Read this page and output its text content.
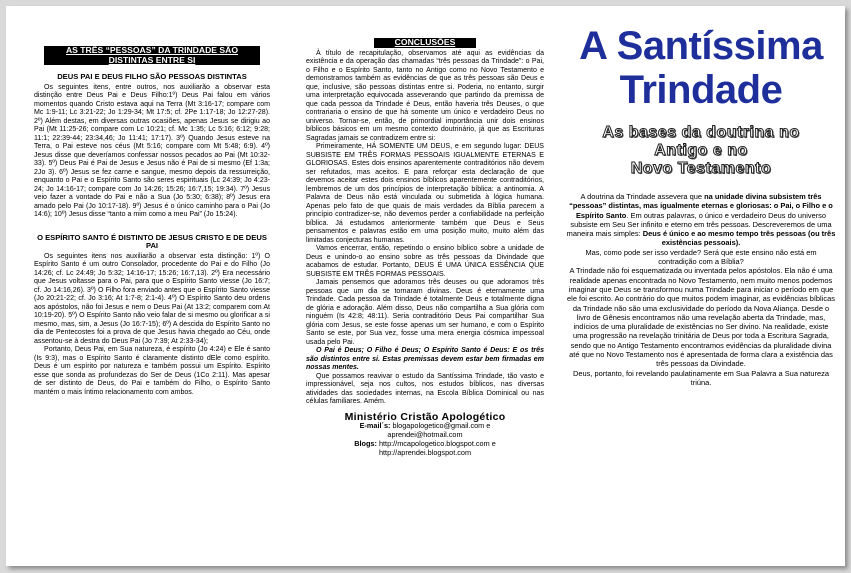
AS TRÊS “PESSOAS” DA TRINDADE SÃO DISTINTAS ENTRE SI
DEUS PAI E DEUS FILHO SÃO PESSOAS DISTINTAS

Os seguintes itens, entre outros, nos auxiliarão a observar esta distinção entre Deus Pai e Deus Filho:1º) Deus Pai falou em vários momentos quando Cristo estava aqui na Terra (Mt 3:16-17; compare com Mc 1:9-11; Lc 3:21-22; Jo 1:29-34; Mt 17:5; cf. 2Pe 1:17-18; Jo 12:27-28). 2º) Além destas, em diversas outras ocasiões, apenas Jesus se dirigiu ao Pai (Mt 11:25-26; compare com Lc 10:21; cf. Mc 1:35; Lc 5:16; 6:12; 9:28; 11:1; 22:39-44; 23:34,46; Jo 11:41; 17:17). 3º) Quando Jesus esteve na Terra, o Pai esteve nos céus (Mt 5:16; compare com Mt 5:48; 6:9). 4º) Jesus disse que deveríamos confessar nossos pecados ao Pai (Mt 10:32-33). 5º) Deus Pai é Pai de Jesus e Jesus não é Pai de si mesmo (Ef 1:3a; 2Jo 3). 6º) Jesus se fez carne e sangue, mesmo depois da ressurreição, enquanto o Pai e o Espírito Santo são seres espirituais (Lc 24:39; Jo 4:23-24; Jo 14:16-17; compare com Jo 14:26; 15:26; 16:7,15; 19:34). 7º) Jesus veio fazer a vontade do Pai e não a Sua (Jo 5:30; 6:38); 8º) Jesus era amado pelo Pai (Jo 10:17-18). 9º) Jesus é o único caminho para o Pai (Jo 14:6); 10º) Jesus disse “tanto a mim como a meu Pai” (Jo 15:24).

O ESPÍRITO SANTO É DISTINTO DE JESUS CRISTO E DE DEUS PAI

Os seguintes itens nos auxiliarão a observar esta distinção: 1º) O Espírito Santo é um outro Consolador, procedente do Pai e do Filho (Jo 14:26; cf. Lc 24:49; Jo 5:32; 14:16-17; 15:26; 16:7,13). 2º) Era necessário que Jesus voltasse para o Pai, para que o Espírito Santo viesse (Jo 16:7; cf. Jo 14:16,26). 3º) O Filho fora enviado antes que o Espírito Santo viesse (Jo 20:21-22; cf. Jo 3:16; At 1:7-8; 2:1-4). 4º) O Espírito Santo deu ordens aos apóstolos, não foi Jesus e nem o Deus Pai (At 13:2; comparem com At 10:19-20). 5º) O Espírito Santo não veio falar de si mesmo ou glorificar a si mesmo, mas, sim, a Jesus (Jo 16:7-15); 6º) A descida do Espírito Santo no dia de Pentecostes foi a prova de que Jesus havia chegado ao Céu, onde assentou-se à destra do Deus Pai (Jo 7:39; At 2:33-34);

Portanto, Deus Pai, em Sua natureza, é espírito (Jo 4:24) e Ele é santo (Is 9:3), mas o Espírito Santo é claramente distinto dEle como espírito. Deus é um espírito por natureza e também possui um Espírito. Espírito esse que sonda as profundezas do Ser de Deus (1Co 2:11). Mas apesar de ser distinto de Deus, do Pai e também do Filho, o Espírito Santo mantém o mais íntimo relacionamento com ambos.

CONCLUSÕES

À título de recapitulação, observamos até aqui as evidências da existência e da operação das chamadas “três pessoas da Trindade”: o Pai, o Filho e o Espírito Santo, tanto no Antigo como no Novo Testamento e demonstramos também as evidências de que as três pessoas são Deus e que, inclusive, são pessoas distintas entre si. Poderia, no entanto, surgir uma interpretação equivocada asseverando que partindo da premissa de que cada pessoa da Trindade é Deus, então haveria três Deuses, o que contrariaria o ensino de que há somente um único e verdadeiro Deus no universo. Tornar-se, então, de primordial importância unir dois ensinos bíblicos básicos em um mesmo contexto doutrinário, já que as Escrituras Sagradas jamais se contradizem entre si:

Primeiramente, HÁ SOMENTE UM DEUS, e em segundo lugar: DEUS SUBSISTE EM TRÊS FORMAS PESSOAIS IGUALMENTE ETERNAS E GLORIOSAS. Estes dois ensinos aparentemente contraditórios não devem ser refutados, mas aceitos. E para reforçar esta declaração de que devemos aceitar estes dois ensinos bíblicos aparentemente contraditórios, lembremos de um dos princípios de interpretação bíblica: a antinomia. A Palavra de Deus não está vinculada ou submetida à lógica humana. Apenas pelo fato de que quais de mais verdades da Bíblia parecem a princípio contradizer-se, não devemos perder a confiabilidade na perfeição bíblica. Já estudamos anteriormente também que Deus e Seus pensamentos e palavras estão em uma posição muito, muito além das limitadas conjecturas humanas.

Vamos encerrar, então, repetindo o ensino bíblico sobre a unidade de Deus e unindo-o ao ensino sobre as três pessoas da Divindade que acabamos de estudar. Portanto, DEUS É UMA ÚNICA ESSÊNCIA QUE SUBSISTE EM TRÊS FORMAS PESSOAIS.

Jamais pensemos que adoramos três deuses ou que adoramos três pessoas que um dia se tornaram divinas. Deus é eternamente uma Trindade. Cada pessoa da Trindade é totalmente Deus e totalmente digna de glória e adoração. Além disso, Deus não compartilha a Sua glória com ninguém (Is 42:8; 48:11). Seria contraditório Deus Pai compartilhar Sua glória com Jesus, se este fosse apenas um ser humano, e com o Espírito Santo se este, por Sua vez, fosse uma mera energia cósmica impessoal usada pelo Pai.

O Pai é Deus; O Filho é Deus; O Espírito Santo é Deus: E os três são distintos entre si. Estas premissas devem estar bem firmadas em nossas mentes.

Que possamos reavivar o estudo da Santíssima Trindade, tão vasto e impressionável, seja nos cultos, nos estudos bíblicos, nas diversas atividades das sociedades internas, na Escola Bíblica Dominical ou nas células familiares. Amém.

Ministério Cristão Apologético
E-mail´s: blogapologetico@gmail.com e
aprendei@hotmail.com
Blogs: http://mcapologetico.blogspot.com e
http://aprendei.blogspot.com
A Santíssima
Trindade
As bases da doutrina no
Antigo e no
Novo Testamento

A doutrina da Trindade assevera que na unidade divina subsistem três “pessoas” distintas, mas igualmente eternas e gloriosas: o Pai, o Filho e o Espírito Santo. Em outras palavras, o único e verdadeiro Deus do universo subsiste em Seu Ser infinito e eterno em três pessoas. Descreveremos de uma maneira mais simples: Deus é único e ao mesmo tempo três pessoas (ou três existências pessoais).

Mas, como pode ser isso verdade? Será que este ensino não está em contradição com a Bíblia?

A Trindade não foi esquematizada ou inventada pelos apóstolos. Ela não é uma realidade apenas encontrada no Novo Testamento, nem muito menos podemos imaginar que Deus se transformou numa Trindade para iniciar o período em que ele foi escrito. Ao contrário do que muitos podem imaginar, as evidências bíblicas da Trindade não são uma exclusividade do período da Nova Aliança. Desde o livro de Gênesis encontramos não uma revelação aberta da Trindade, mas, indícios de uma pluralidade de existências no Ser divino. Na realidade, existe uma progressão na revelação trinitária de Deus por toda a Escritura Sagrada, sendo que no Antigo Testamento encontramos evidências da pluralidade divina até que no Novo Testamento nos é apresentada de forma clara a existência das três pessoas da Divindade.

Deus, portanto, foi revelando paulatinamente em Sua Palavra a Sua natureza triúna.
